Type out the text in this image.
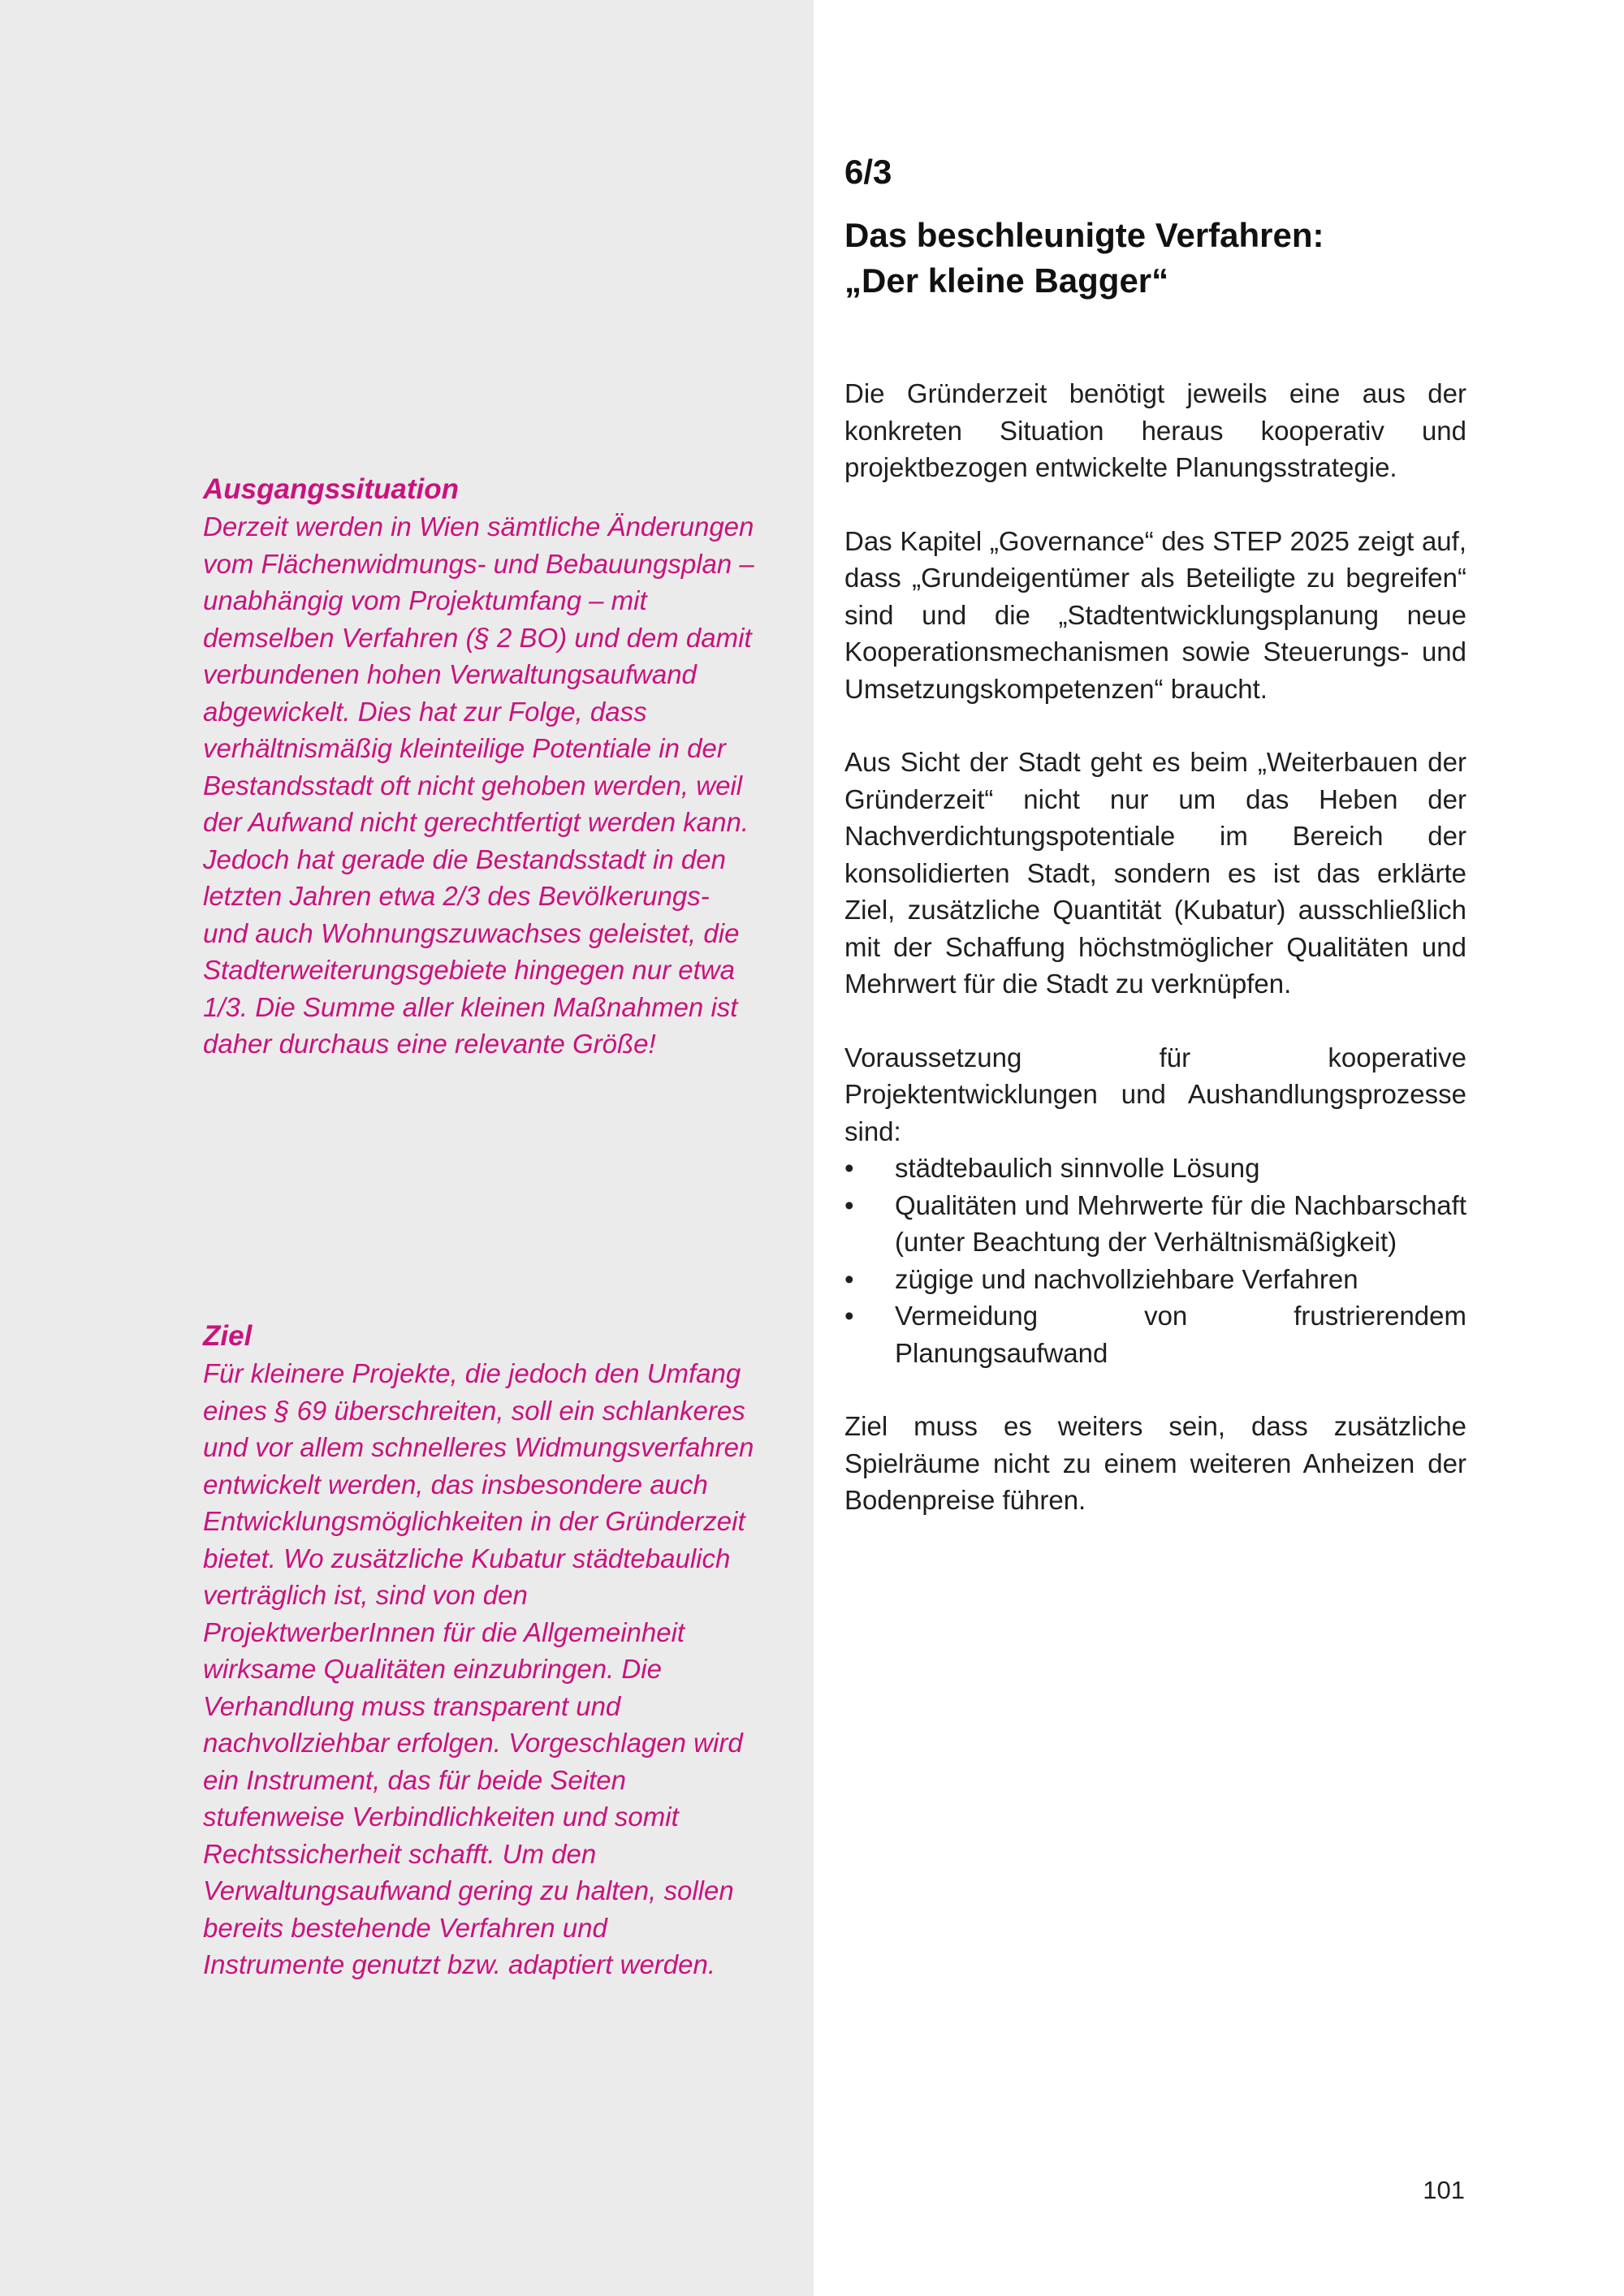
Ausgangssituation

Derzeit werden in Wien sämtliche Änderungen vom Flächenwidmungs- und Bebauungsplan – unabhängig vom Projektumfang – mit demselben Verfahren (§ 2 BO) und dem damit verbundenen hohen Verwaltungsaufwand abgewickelt. Dies hat zur Folge, dass verhältnismäßig kleinteilige Potentiale in der Bestandsstadt oft nicht gehoben werden, weil der Aufwand nicht gerechtfertigt werden kann. Jedoch hat gerade die Bestandsstadt in den letzten Jahren etwa 2/3 des Bevölkerungs- und auch Wohnungszuwachses geleistet, die Stadterweiterungsgebiete hingegen nur etwa 1/3. Die Summe aller kleinen Maßnahmen ist daher durchaus eine relevante Größe!

Ziel

Für kleinere Projekte, die jedoch den Umfang eines § 69 überschreiten, soll ein schlankeres und vor allem schnelleres Widmungsverfahren entwickelt werden, das insbesondere auch Entwicklungsmöglichkeiten in der Gründerzeit bietet. Wo zusätzliche Kubatur städtebaulich verträglich ist, sind von den ProjektwerberInnen für die Allgemeinheit wirksame Qualitäten einzubringen. Die Verhandlung muss transparent und nachvollziehbar erfolgen. Vorgeschlagen wird ein Instrument, das für beide Seiten stufenweise Verbindlichkeiten und somit Rechtssicherheit schafft. Um den Verwaltungsaufwand gering zu halten, sollen bereits bestehende Verfahren und Instrumente genutzt bzw. adaptiert werden.

6/3
Das beschleunigte Verfahren:
„Der kleine Bagger“

Die Gründerzeit benötigt jeweils eine aus der konkreten Situation heraus kooperativ und projektbezogen entwickelte Planungsstrategie.

Das Kapitel „Governance“ des STEP 2025 zeigt auf, dass „Grundeigentümer als Beteiligte zu begreifen“ sind und die „Stadtentwicklungsplanung neue Kooperationsmechanismen sowie Steuerungs- und Umsetzungskompetenzen“ braucht.

Aus Sicht der Stadt geht es beim „Weiterbauen der Gründerzeit“ nicht nur um das Heben der Nachverdichtungspotentiale im Bereich der konsolidierten Stadt, sondern es ist das erklärte Ziel, zusätzliche Quantität (Kubatur) ausschließlich mit der Schaffung höchstmöglicher Qualitäten und Mehrwert für die Stadt zu verknüpfen.

Voraussetzung für kooperative Projektentwicklungen und Aushandlungsprozesse sind:

• städtebaulich sinnvolle Lösung
• Qualitäten und Mehrwerte für die Nachbarschaft (unter Beachtung der Verhältnismäßigkeit)
• zügige und nachvollziehbare Verfahren
• Vermeidung von frustrierendem Planungsaufwand

Ziel muss es weiters sein, dass zusätzliche Spielräume nicht zu einem weiteren Anheizen der Bodenpreise führen.

101
